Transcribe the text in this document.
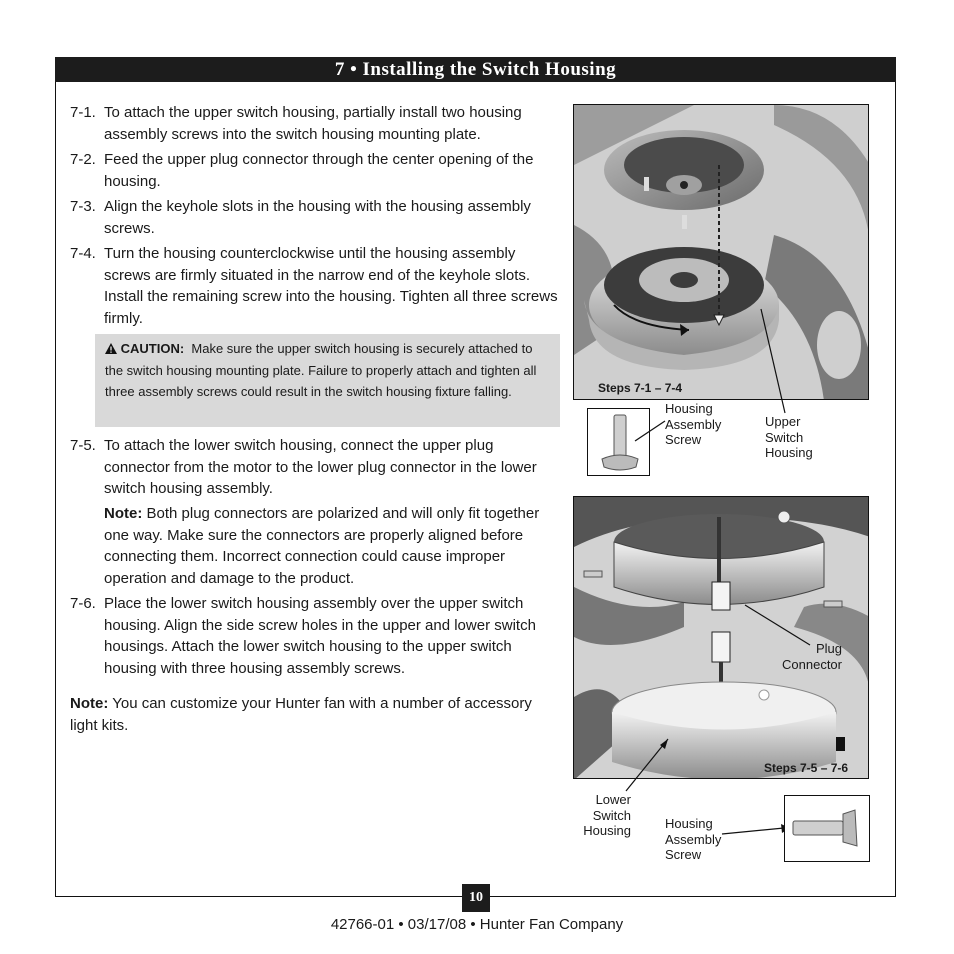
7 • Installing the Switch Housing
7-1. To attach the upper switch housing, partially install two housing assembly screws into the switch housing mounting plate.
7-2. Feed the upper plug connector through the center opening of the housing.
7-3. Align the keyhole slots in the housing with the housing assembly screws.
7-4. Turn the housing counterclockwise until the housing assembly screws are firmly situated in the narrow end of the keyhole slots. Install the remaining screw into the housing. Tighten all three screws firmly.
CAUTION: Make sure the upper switch housing is securely attached to the switch housing mounting plate. Failure to properly attach and tighten all three assembly screws could result in the switch housing fixture falling.
7-5. To attach the lower switch housing, connect the upper plug connector from the motor to the lower plug connector in the lower switch housing assembly.
Note: Both plug connectors are polarized and will only fit together one way. Make sure the connectors are properly aligned before connecting them. Incorrect connection could cause improper operation and damage to the product.
7-6. Place the lower switch housing assembly over the upper switch housing. Align the side screw holes in the upper and lower switch housings. Attach the lower switch housing to the upper switch housing with three housing assembly screws.
Note: You can customize your Hunter fan with a number of accessory light kits.
Steps 7-1 – 7-4
Housing
Assembly
Screw
Upper
Switch
Housing
Steps 7-5 – 7-6
Plug
Connector
Lower
Switch
Housing	Housing
Assembly
Screw
10
42766-01 • 03/17/08 • Hunter Fan Company
